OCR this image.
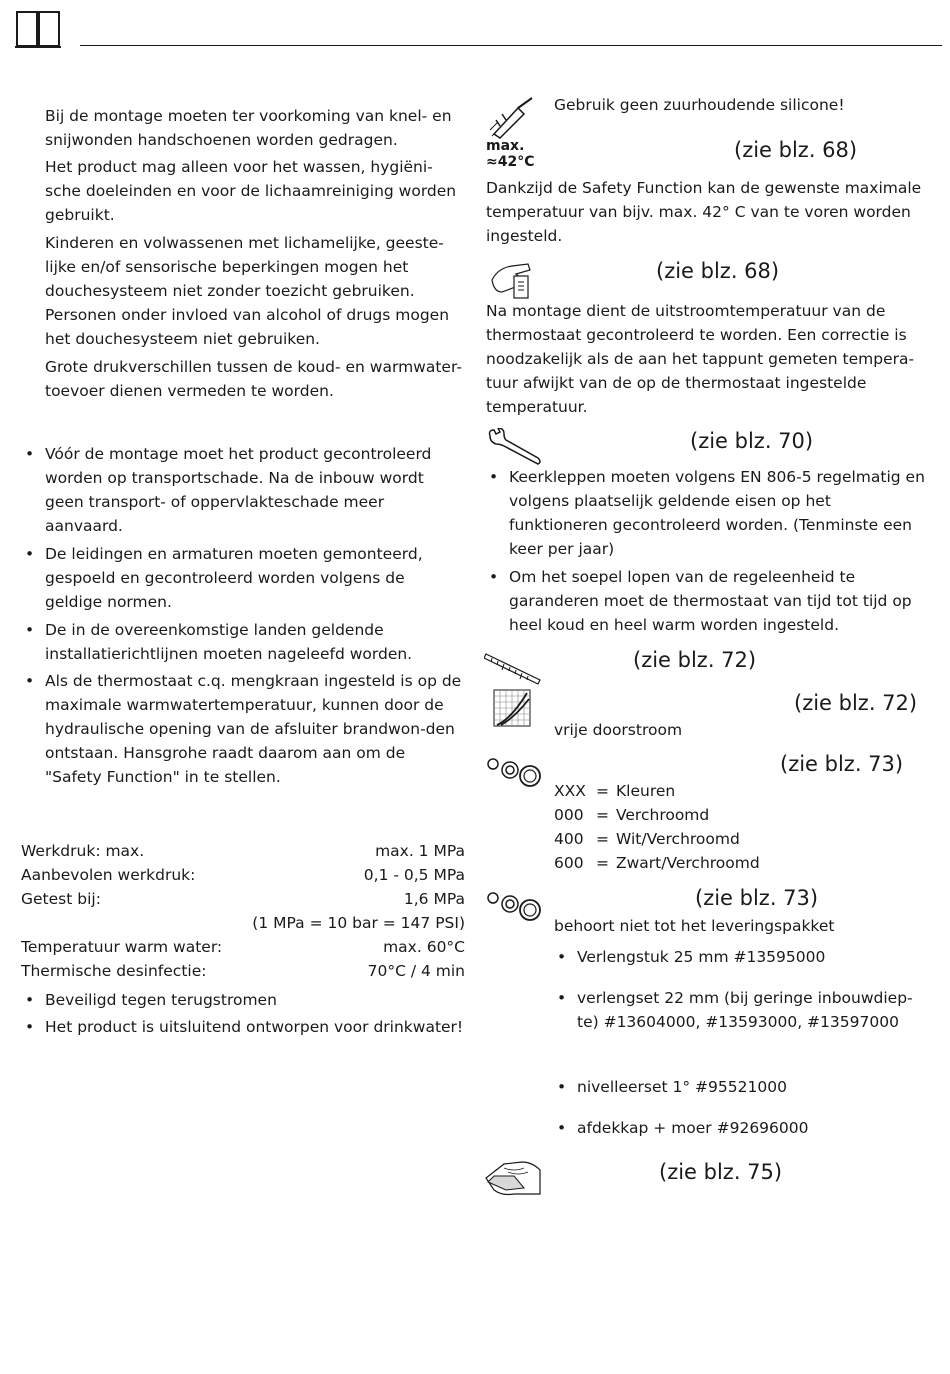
Bij de montage moeten ter voorkoming van knel- en snijwonden handschoenen worden gedragen.

Het product mag alleen voor het wassen, hygiëni-sche doeleinden en voor de lichaamreiniging worden gebruikt.

Kinderen en volwassenen met lichamelijke, geeste-lijke en/of sensorische beperkingen mogen het douchesysteem niet zonder toezicht gebruiken. Personen onder invloed van alcohol of drugs mogen het douchesysteem niet gebruiken.

Grote drukverschillen tussen de koud- en warmwater-toevoer dienen vermeden te worden.

• Vóór de montage moet het product gecontroleerd worden op transportschade. Na de inbouw wordt geen transport- of oppervlakteschade meer aanvaard.

• De leidingen en armaturen moeten gemonteerd, gespoeld en gecontroleerd worden volgens de geldige normen.

• De in de overeenkomstige landen geldende installatierichtlijnen moeten nageleefd worden.

• Als de thermostaat c.q. mengkraan ingesteld is op de maximale warmwatertemperatuur, kunnen door de hydraulische opening van de afsluiter brandwon-den ontstaan. Hansgrohe raadt daarom aan om de "Safety Function" in te stellen.

Werkdruk: max.	max. 1 MPa
Aanbevolen werkdruk:	0,1 - 0,5 MPa
Getest bij:	1,6 MPa
(1 MPa = 10 bar = 147 PSI)
Temperatuur warm water:	max. 60°C
Thermische desinfectie:	70°C / 4 min

• Beveiligd tegen terugstromen

• Het product is uitsluitend ontworpen voor drinkwater!

Gebruik geen zuurhoudende silicone!

max.
≈42°C	(zie blz. 68)

Dankzijd de Safety Function kan de gewenste maximale temperatuur van bijv. max. 42° C van te voren worden ingesteld.

(zie blz. 68)

Na montage dient de uitstroomtemperatuur van de thermostaat gecontroleerd te worden. Een correctie is noodzakelijk als de aan het tappunt gemeten tempera-tuur afwijkt van de op de thermostaat ingestelde temperatuur.

(zie blz. 70)

• Keerkleppen moeten volgens EN 806-5 regelmatig en volgens plaatselijk geldende eisen op het funktioneren gecontroleerd worden. (Tenminste een keer per jaar)

• Om het soepel lopen van de regeleenheid te garanderen moet de thermostaat van tijd tot tijd op heel koud en heel warm worden ingesteld.

(zie blz. 72)
(zie blz. 72)

vrije doorstroom

(zie blz. 73)
XXX = Kleuren
000 = Verchroomd
400 = Wit/Verchroomd
600 = Zwart/Verchroomd
(zie blz. 73)

behoort niet tot het leveringspakket

• Verlengstuk 25 mm #13595000

• verlengset 22 mm (bij geringe inbouwdiep-te) #13604000, #13593000, #13597000

• nivelleerset 1° #95521000

• afdekkap + moer #92696000

(zie blz. 75)
